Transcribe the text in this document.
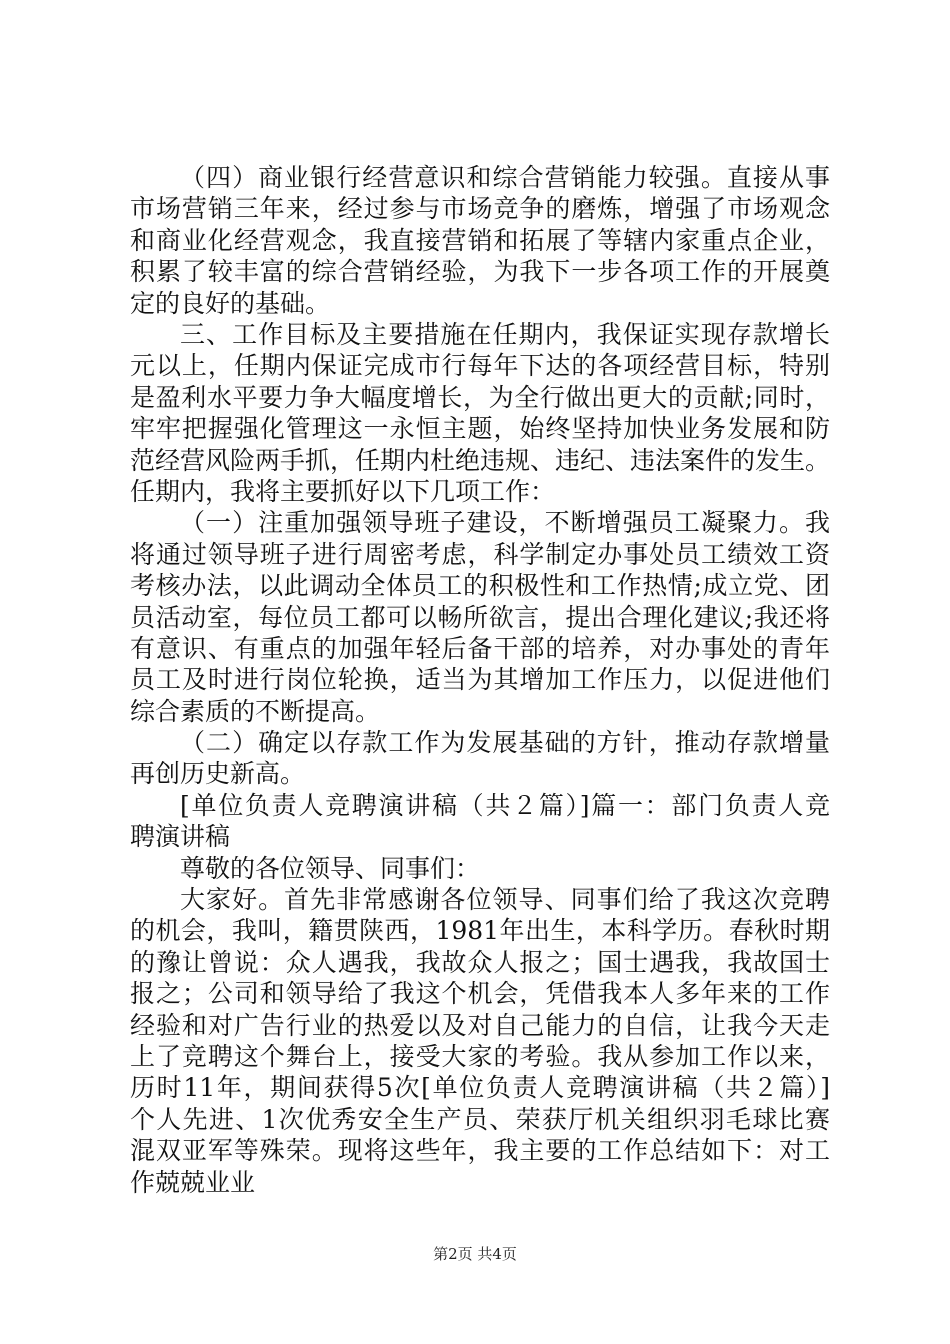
（四）商业银行经营意识和综合营销能力较强。直接从事
市场营销三年来，经过参与市场竞争的磨炼，增强了市场观念
和商业化经营观念，我直接营销和拓展了等辖内家重点企业，
积累了较丰富的综合营销经验，为我下一步各项工作的开展奠
定的良好的基础。
三、工作目标及主要措施在任期内，我保证实现存款增长
元以上，任期内保证完成市行每年下达的各项经营目标，特别
是盈利水平要力争大幅度增长，为全行做出更大的贡献;同时，
牢牢把握强化管理这一永恒主题，始终坚持加快业务发展和防
范经营风险两手抓，任期内杜绝违规、违纪、违法案件的发生。
任期内，我将主要抓好以下几项工作：
（一）注重加强领导班子建设，不断增强员工凝聚力。我
将通过领导班子进行周密考虑，科学制定办事处员工绩效工资
考核办法，以此调动全体员工的积极性和工作热情;成立党、团
员活动室，每位员工都可以畅所欲言，提出合理化建议;我还将
有意识、有重点的加强年轻后备干部的培养，对办事处的青年
员工及时进行岗位轮换，适当为其增加工作压力，以促进他们
综合素质的不断提高。
（二）确定以存款工作为发展基础的方针，推动存款增量
再创历史新高。
[单位负责人竞聘演讲稿（共２篇）]篇一：部门负责人竞
聘演讲稿
尊敬的各位领导、同事们：
大家好。首先非常感谢各位领导、同事们给了我这次竞聘
的机会，我叫，籍贯陕西，1981年出生，本科学历。春秋时期
的豫让曾说：众人遇我，我故众人报之；国士遇我，我故国士
报之；公司和领导给了我这个机会，凭借我本人多年来的工作
经验和对广告行业的热爱以及对自己能力的自信，让我今天走
上了竞聘这个舞台上，接受大家的考验。我从参加工作以来，
历时11年，期间获得5次[单位负责人竞聘演讲稿（共２篇）]
个人先进、1次优秀安全生产员、荣获厅机关组织羽毛球比赛
混双亚军等殊荣。现将这些年，我主要的工作总结如下：对工
作兢兢业业
第2页 共4页
